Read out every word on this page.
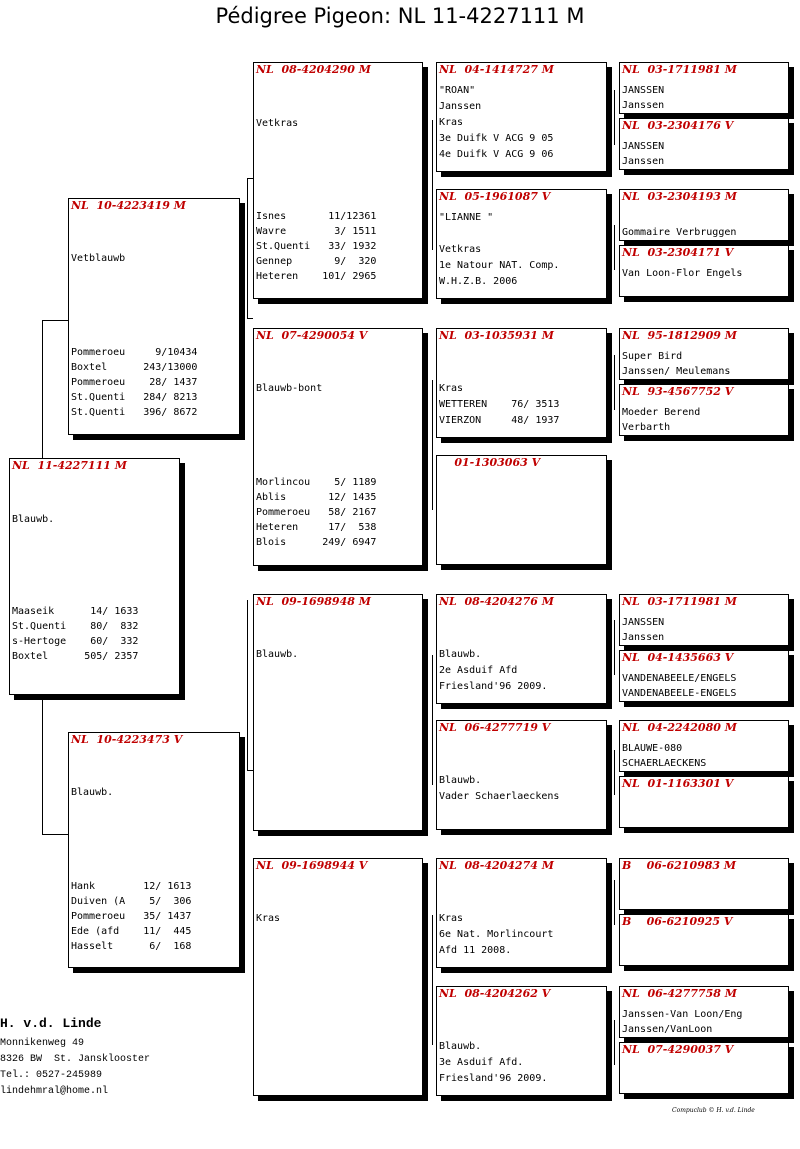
Pédigree Pigeon: NL 11-4227111 M
NL  11-4227111 M
Blauwb.
Maaseik      14/ 1633
St.Quenti    80/  832
s-Hertoge    60/  332
Boxtel      505/ 2357
NL  10-4223419 M
Vetblauwb
Pommeroeu     9/10434
Boxtel      243/13000
Pommeroeu    28/ 1437
St.Quenti   284/ 8213
St.Quenti   396/ 8672
NL  10-4223473 V
Blauwb.
Hank        12/ 1613
Duiven (A    5/  306
Pommeroeu   35/ 1437
Ede (afd    11/  445
Hasselt      6/  168
NL  08-4204290 M
Vetkras
Isnes       11/12361
Wavre        3/ 1511
St.Quenti   33/ 1932
Gennep       9/  320
Heteren    101/ 2965
NL  07-4290054 V
Blauwb-bont
Morlincou    5/ 1189
Ablis       12/ 1435
Pommeroeu   58/ 2167
Heteren     17/  538
Blois      249/ 6947
NL  09-1698948 M
Blauwb.
NL  09-1698944 V
Kras
NL  04-1414727 M
"ROAN"
Janssen
Kras
3e Duifk V ACG 9 05
4e Duifk V ACG 9 06
NL  05-1961087 V
"LIANNE "
Vetkras
1e Natour NAT. Comp.
W.H.Z.B. 2006
NL  03-1035931 M
Kras
WETTEREN    76/ 3513
VIERZON     48/ 1937
01-1303063 V
NL  08-4204276 M
Blauwb.
2e Asduif Afd
Friesland'96 2009.
NL  06-4277719 V
Blauwb.
Vader Schaerlaeckens
NL  08-4204274 M
Kras
6e Nat. Morlincourt
Afd 11 2008.
NL  08-4204262 V
Blauwb.
3e Asduif Afd.
Friesland'96 2009.
NL  03-1711981 M
JANSSEN
Janssen
NL  03-2304176 V
JANSSEN
Janssen
NL  03-2304193 M
Gommaire Verbruggen
NL  03-2304171 V
Van Loon-Flor Engels
NL  95-1812909 M
Super Bird
Janssen/ Meulemans
NL  93-4567752 V
Moeder Berend
Verbarth
NL  03-1711981 M
JANSSEN
Janssen
NL  04-1435663 V
VANDENABEELE/ENGELS
VANDENABEELE-ENGELS
NL  04-2242080 M
BLAUWE-080
SCHAERLAECKENS
NL  01-1163301 V
B    06-6210983 M
B    06-6210925 V
NL  06-4277758 M
Janssen-Van Loon/Eng
Janssen/VanLoon
NL  07-4290037 V
H. v.d. Linde
Monnikenweg 49
8326 BW  St. Jansklooster
Tel.: 0527-245989
lindehmral@home.nl
Compuclub © H. v.d. Linde
